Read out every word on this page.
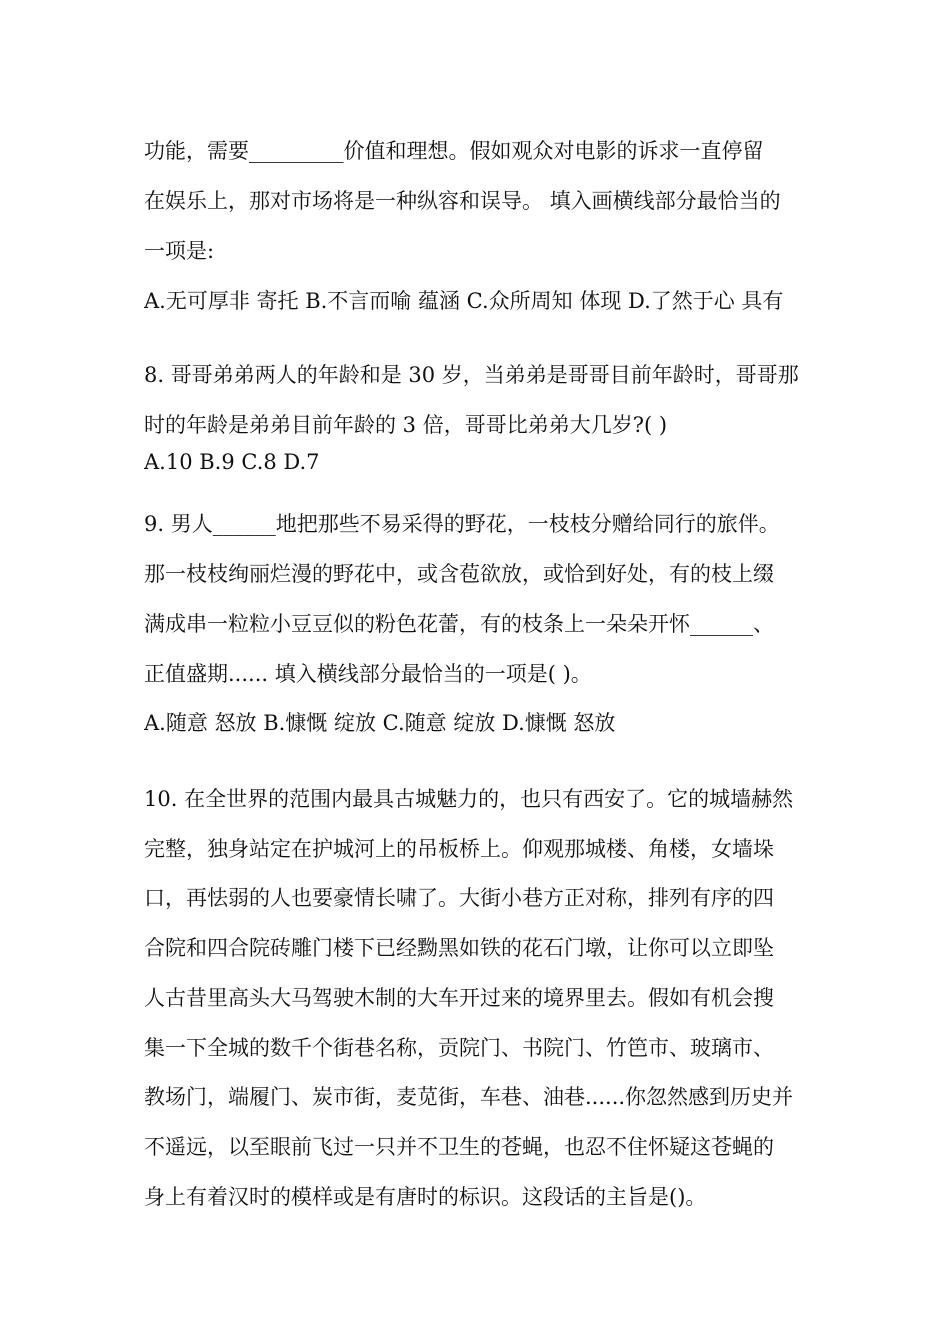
功能，需要_________价值和理想。假如观众对电影的诉求一直停留
在娱乐上，那对市场将是一种纵容和误导。 填入画横线部分最恰当的
一项是:
A.无可厚非 寄托 B.不言而喻 蕴涵 C.众所周知 体现 D.了然于心 具有
8. 哥哥弟弟两人的年龄和是 30 岁，当弟弟是哥哥目前年龄时，哥哥那
时的年龄是弟弟目前年龄的 3 倍，哥哥比弟弟大几岁?( )
A.10 B.9 C.8 D.7
9. 男人______地把那些不易采得的野花，一枝枝分赠给同行的旅伴。
那一枝枝绚丽烂漫的野花中，或含苞欲放，或恰到好处，有的枝上缀
满成串一粒粒小豆豆似的粉色花蕾，有的枝条上一朵朵开怀______、
正值盛期...... 填入横线部分最恰当的一项是( )。
A.随意 怒放 B.慷慨 绽放 C.随意 绽放 D.慷慨 怒放
10. 在全世界的范围内最具古城魅力的，也只有西安了。它的城墙赫然
完整，独身站定在护城河上的吊板桥上。仰观那城楼、角楼，女墙垛
口，再怯弱的人也要豪情长啸了。大街小巷方正对称，排列有序的四
合院和四合院砖雕门楼下已经黝黑如铁的花石门墩，让你可以立即坠
人古昔里高头大马驾驶木制的大车开过来的境界里去。假如有机会搜
集一下全城的数千个街巷名称，贡院门、书院门、竹笆市、玻璃市、
教场门，端履门、炭市街，麦苋街，车巷、油巷......你忽然感到历史并
不遥远，以至眼前飞过一只并不卫生的苍蝇，也忍不住怀疑这苍蝇的
身上有着汉时的模样或是有唐时的标识。这段话的主旨是()。
